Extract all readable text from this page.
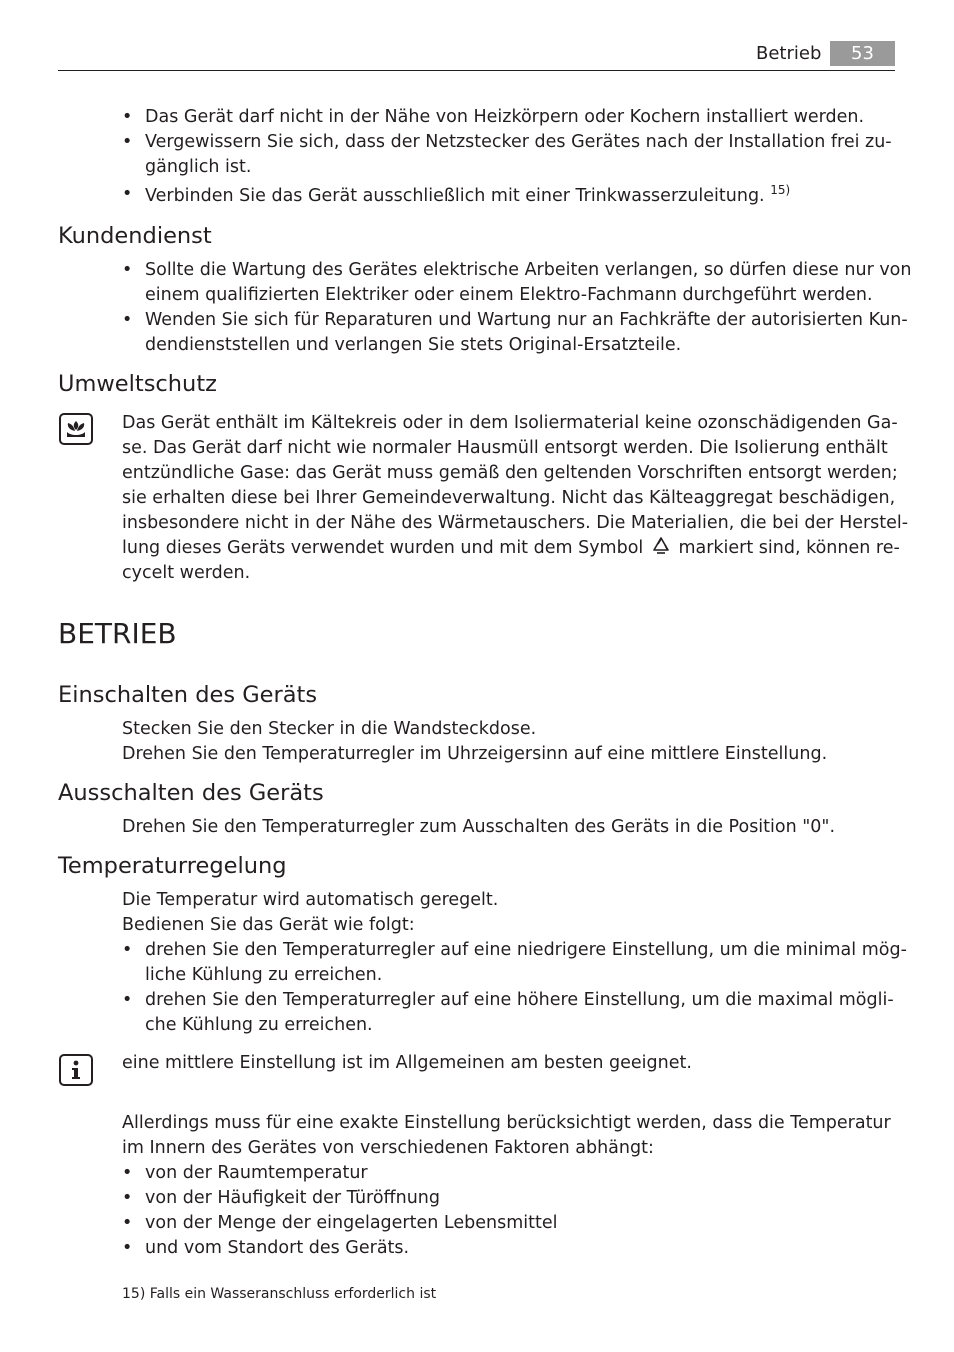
Betrieb	53
• Das Gerät darf nicht in der Nähe von Heizkörpern oder Kochern installiert werden.
• Vergewissern Sie sich, dass der Netzstecker des Gerätes nach der Installation frei zu-
gänglich ist.
• Verbinden Sie das Gerät ausschließlich mit einer Trinkwasserzuleitung. $^{15)}$
Kundendienst
• Sollte die Wartung des Gerätes elektrische Arbeiten verlangen, so dürfen diese nur von
einem qualifizierten Elektriker oder einem Elektro-Fachmann durchgeführt werden.
• Wenden Sie sich für Reparaturen und Wartung nur an Fachkräfte der autorisierten Kun-
dendienststellen und verlangen Sie stets Original-Ersatzteile.
Umweltschutz
Das Gerät enthält im Kältekreis oder in dem Isoliermaterial keine ozonschädigenden Ga-
se. Das Gerät darf nicht wie normaler Hausmüll entsorgt werden. Die Isolierung enthält
entzündliche Gase: das Gerät muss gemäß den geltenden Vorschriften entsorgt werden;
sie erhalten diese bei Ihrer Gemeindeverwaltung. Nicht das Kälteaggregat beschädigen,
insbesondere nicht in der Nähe des Wärmetauschers. Die Materialien, die bei der Herstel-
lung dieses Geräts verwendet wurden und mit dem Symbol markiert sind, können re-
cycelt werden.
BETRIEB
Einschalten des Geräts
Stecken Sie den Stecker in die Wandsteckdose.
Drehen Sie den Temperaturregler im Uhrzeigersinn auf eine mittlere Einstellung.
Ausschalten des Geräts
Drehen Sie den Temperaturregler zum Ausschalten des Geräts in die Position "0".
Temperaturregelung
Die Temperatur wird automatisch geregelt.
Bedienen Sie das Gerät wie folgt:
• drehen Sie den Temperaturregler auf eine niedrigere Einstellung, um die minimal mög-
liche Kühlung zu erreichen.
• drehen Sie den Temperaturregler auf eine höhere Einstellung, um die maximal mögli-
che Kühlung zu erreichen.
eine mittlere Einstellung ist im Allgemeinen am besten geeignet.
Allerdings muss für eine exakte Einstellung berücksichtigt werden, dass die Temperatur
im Innern des Gerätes von verschiedenen Faktoren abhängt:
• von der Raumtemperatur
• von der Häufigkeit der Türöffnung
• von der Menge der eingelagerten Lebensmittel
• und vom Standort des Geräts.
15) Falls ein Wasseranschluss erforderlich ist
